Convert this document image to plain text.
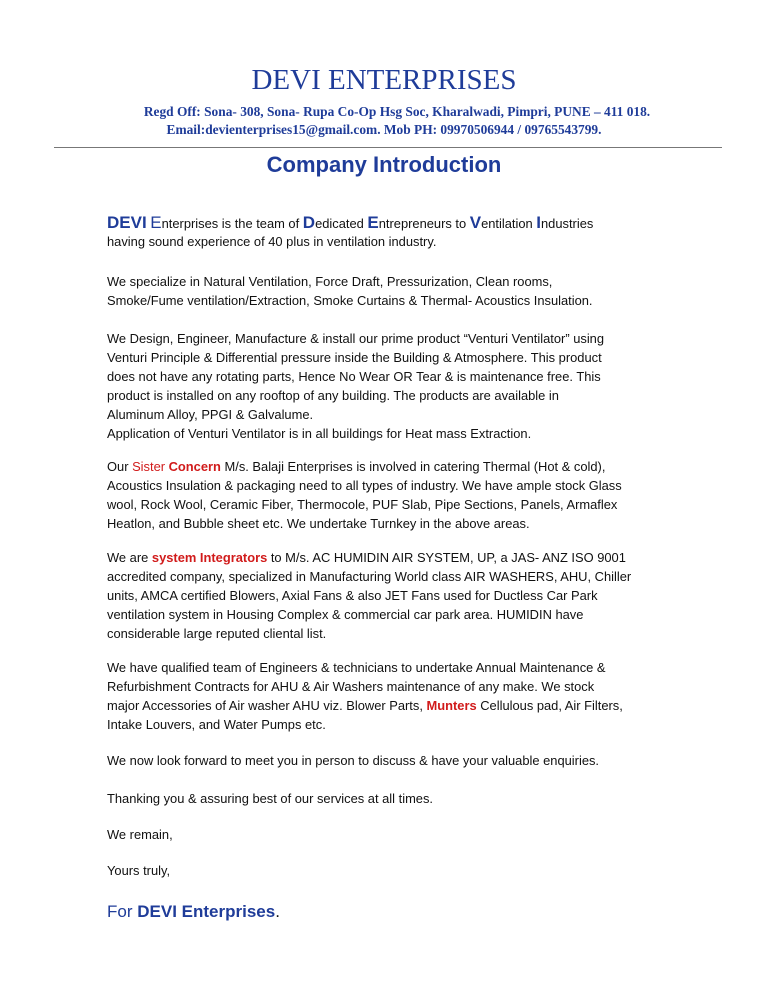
DEVI ENTERPRISES
Regd Off: Sona- 308, Sona- Rupa Co-Op Hsg Soc, Kharalwadi, Pimpri, PUNE – 411 018.
Email:devienterprises15@gmail.com. Mob PH: 09970506944 / 09765543799.
Company Introduction
DEVI Enterprises is the team of Dedicated Entrepreneurs to Ventilation Industries
having sound experience of 40 plus in ventilation industry.
We specialize in Natural Ventilation, Force Draft, Pressurization, Clean rooms,
Smoke/Fume ventilation/Extraction, Smoke Curtains & Thermal- Acoustics Insulation.
We Design, Engineer, Manufacture & install our prime product “Venturi Ventilator” using
Venturi Principle & Differential pressure inside the Building & Atmosphere. This product
does not have any rotating parts, Hence No Wear OR Tear & is maintenance free. This
product is installed on any rooftop of any building. The products are available in
Aluminum Alloy, PPGI & Galvalume.
Application of Venturi Ventilator is in all buildings for Heat mass Extraction.
Our Sister Concern M/s. Balaji Enterprises is involved in catering Thermal (Hot & cold),
Acoustics Insulation & packaging need to all types of industry. We have ample stock Glass
wool, Rock Wool, Ceramic Fiber, Thermocole, PUF Slab, Pipe Sections, Panels, Armaflex
Heatlon, and Bubble sheet etc. We undertake Turnkey in the above areas.
We are system Integrators to M/s. AC HUMIDIN AIR SYSTEM, UP, a JAS- ANZ ISO 9001
accredited company, specialized in Manufacturing World class AIR WASHERS, AHU, Chiller
units, AMCA certified Blowers, Axial Fans & also JET Fans used for Ductless Car Park
ventilation system in Housing Complex & commercial car park area. HUMIDIN have
considerable large reputed cliental list.
We have qualified team of Engineers & technicians to undertake Annual Maintenance &
Refurbishment Contracts for AHU & Air Washers maintenance of any make. We stock
major Accessories of Air washer AHU viz. Blower Parts, Munters Cellulous pad, Air Filters,
Intake Louvers, and Water Pumps etc.
We now look forward to meet you in person to discuss & have your valuable enquiries.
Thanking you & assuring best of our services at all times.
We remain,
Yours truly,
For DEVI Enterprises.
